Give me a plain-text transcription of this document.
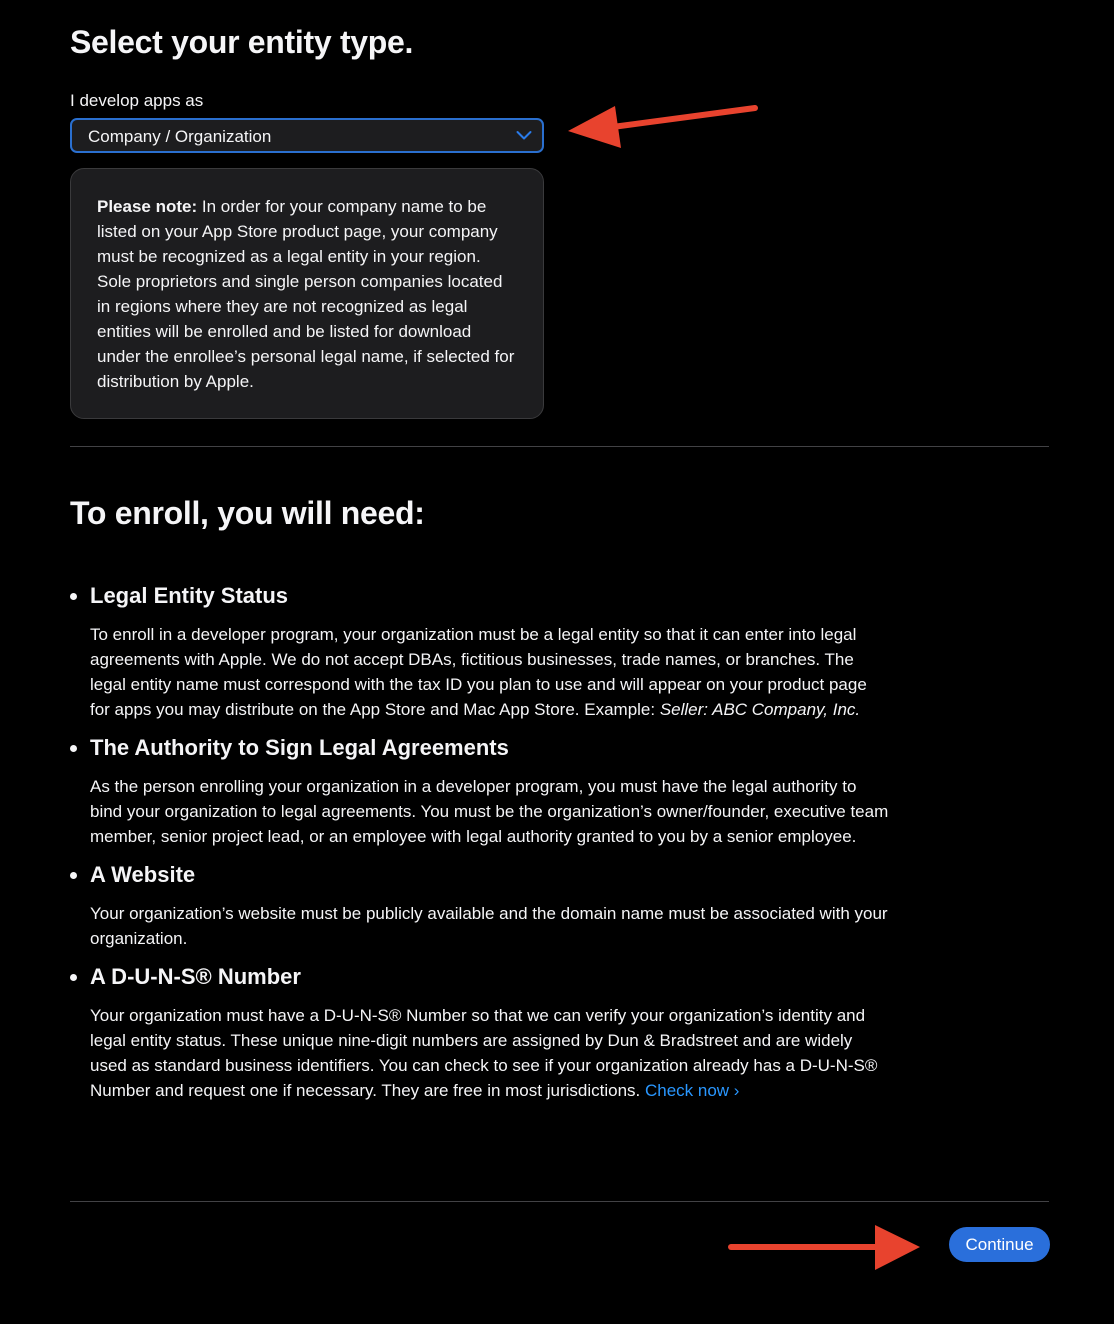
Select your entity type.
I develop apps as
Company / Organization
Please note: In order for your company name to be listed on your App Store product page, your company must be recognized as a legal entity in your region. Sole proprietors and single person companies located in regions where they are not recognized as legal entities will be enrolled and be listed for download under the enrollee’s personal legal name, if selected for distribution by Apple.
To enroll, you will need:
Legal Entity Status

To enroll in a developer program, your organization must be a legal entity so that it can enter into legal agreements with Apple. We do not accept DBAs, fictitious businesses, trade names, or branches. The legal entity name must correspond with the tax ID you plan to use and will appear on your product page for apps you may distribute on the App Store and Mac App Store. Example: Seller: ABC Company, Inc.

The Authority to Sign Legal Agreements

As the person enrolling your organization in a developer program, you must have the legal authority to bind your organization to legal agreements. You must be the organization’s owner/founder, executive team member, senior project lead, or an employee with legal authority granted to you by a senior employee.

A Website

Your organization’s website must be publicly available and the domain name must be associated with your organization.

A D-U-N-S® Number

Your organization must have a D-U-N-S® Number so that we can verify your organization’s identity and legal entity status. These unique nine-digit numbers are assigned by Dun & Bradstreet and are widely used as standard business identifiers. You can check to see if your organization already has a D-U-N-S® Number and request one if necessary. They are free in most jurisdictions. Check now ›

Continue
